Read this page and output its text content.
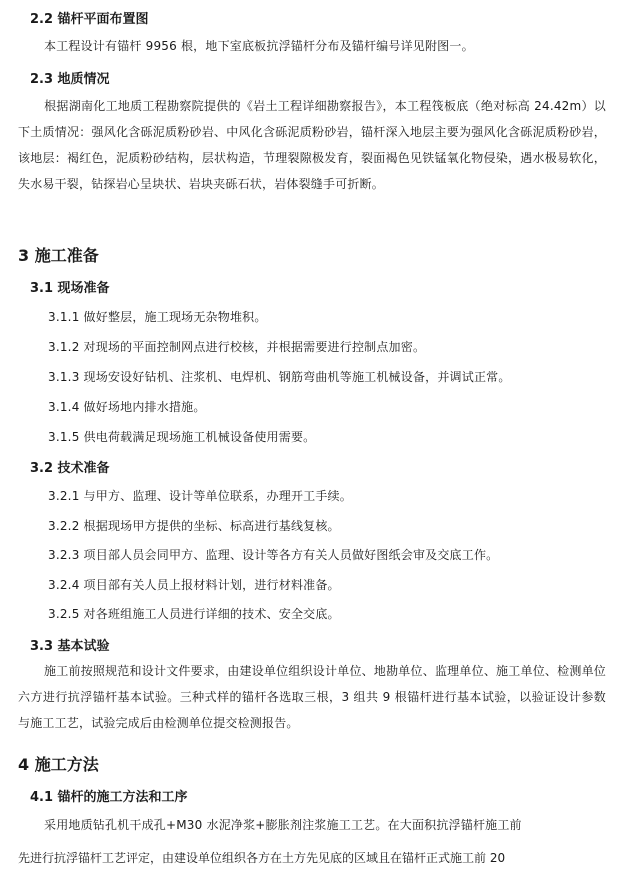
2.2 锚杆平面布置图
本工程设计有锚杆 9956 根，地下室底板抗浮锚杆分布及锚杆编号详见附图一。
2.3 地质情况
根据湖南化工地质工程勘察院提供的《岩土工程详细勘察报告》，本工程筏板底（绝对标高 24.42m）以下土质情况：强风化含砾泥质粉砂岩、中风化含砾泥质粉砂岩，锚杆深入地层主要为强风化含砾泥质粉砂岩，该地层：褐红色，泥质粉砂结构，层状构造，节理裂隙极发育，裂面褐色见铁锰氧化物侵染，遇水极易软化，失水易干裂，钻探岩心呈块状、岩块夹砾石状，岩体裂缝手可折断。
3 施工准备
3.1 现场准备
3.1.1 做好整层，施工现场无杂物堆积。
3.1.2 对现场的平面控制网点进行校核，并根据需要进行控制点加密。
3.1.3 现场安设好钻机、注浆机、电焊机、钢筋弯曲机等施工机械设备，并调试正常。
3.1.4 做好场地内排水措施。
3.1.5 供电荷载满足现场施工机械设备使用需要。
3.2 技术准备
3.2.1 与甲方、监理、设计等单位联系，办理开工手续。
3.2.2 根据现场甲方提供的坐标、标高进行基线复核。
3.2.3 项目部人员会同甲方、监理、设计等各方有关人员做好图纸会审及交底工作。
3.2.4 项目部有关人员上报材料计划，进行材料准备。
3.2.5 对各班组施工人员进行详细的技术、安全交底。
3.3 基本试验
施工前按照规范和设计文件要求，由建设单位组织设计单位、地勘单位、监理单位、施工单位、检测单位六方进行抗浮锚杆基本试验。三种式样的锚杆各选取三根，3 组共 9 根锚杆进行基本试验，以验证设计参数与施工工艺，试验完成后由检测单位提交检测报告。
4 施工方法
4.1 锚杆的施工方法和工序
采用地质钻孔机干成孔+M30 水泥净浆+膨胀剂注浆施工工艺。在大面积抗浮锚杆施工前
先进行抗浮锚杆工艺评定，由建设单位组织各方在土方先见底的区域且在锚杆正式施工前 20
